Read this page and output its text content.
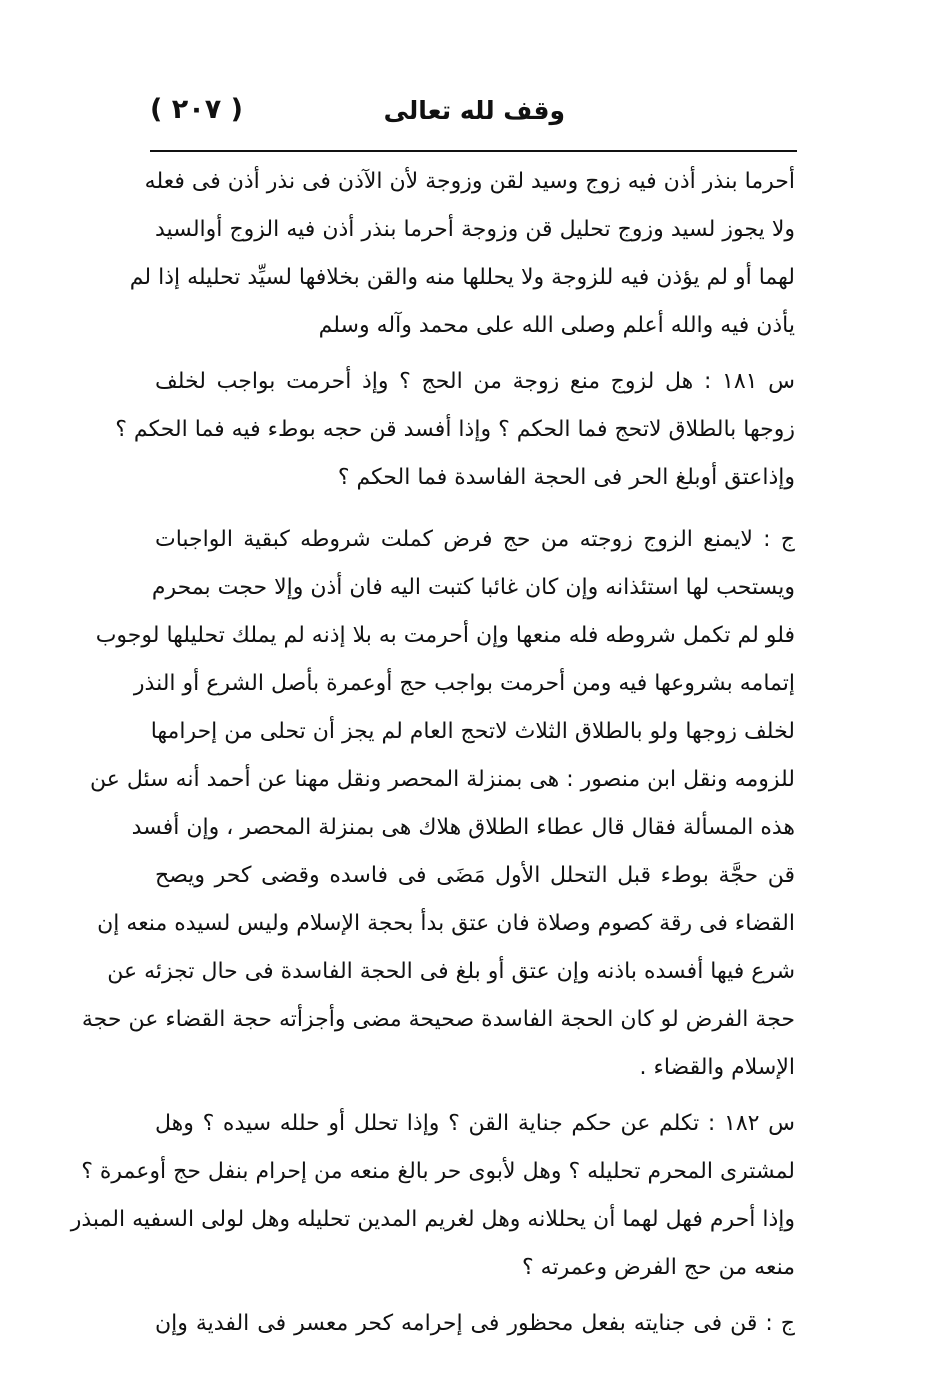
وقف لله تعالى
( ۲۰۷ )
أحرما بنذر أذن فيه زوج وسيد لقن وزوجة لأن الآذن فى نذر أذن فى فعله
ولا يجوز لسيد وزوج تحليل قن وزوجة أحرما بنذر أذن فيه الزوج أوالسيد
لهما أو لم يؤذن فيه للزوجة ولا يحللها منه والقن بخلافها لسيِّد تحليله إذا لم
يأذن فيه والله أعلم وصلى الله على محمد وآله وسلم
س ۱۸۱ : هل لزوج منع زوجة من الحج ؟ وإذ أحرمت بواجب لخلف
زوجها بالطلاق لاتحج فما الحكم ؟ وإذا أفسد قن حجه بوطء فيه فما الحكم ؟
وإذاعتق أوبلغ الحر فى الحجة الفاسدة فما الحكم ؟
ج : لايمنع الزوج زوجته من حج فرض كملت شروطه كبقية الواجبات
ويستحب لها استئذانه وإن كان غائبا كتبت اليه فان أذن وإلا حجت بمحرم
فلو لم تكمل شروطه فله منعها وإن أحرمت به بلا إذنه لم يملك تحليلها لوجوب
إتمامه بشروعها فيه ومن أحرمت بواجب حج أوعمرة بأصل الشرع أو النذر
لخلف زوجها ولو بالطلاق الثلاث لاتحج العام لم يجز أن تحلى من إحرامها
للزومه ونقل ابن منصور : هى بمنزلة المحصر ونقل مهنا عن أحمد أنه سئل عن
هذه المسألة فقال قال عطاء الطلاق هلاك هى بمنزلة المحصر ، وإن أفسد
قن حجَّة بوطء قبل التحلل الأول مَضَى فى فاسده وقضى كحر ويصح
القضاء فى رقة كصوم وصلاة فان عتق بدأ بحجة الإسلام وليس لسيده منعه إن
شرع فيها أفسده باذنه وإن عتق أو بلغ فى الحجة الفاسدة فى حال تجزئه عن
حجة الفرض لو كان الحجة الفاسدة صحيحة مضى وأجزأته حجة القضاء عن حجة
الإسلام والقضاء .
س ۱۸۲ : تكلم عن حكم جناية القن ؟ وإذا تحلل أو حلله سيده ؟ وهل
لمشترى المحرم تحليله ؟ وهل لأبوى حر بالغ منعه من إحرام بنفل حج أوعمرة ؟
وإذا أحرم فهل لهما أن يحللانه وهل لغريم المدين تحليله وهل لولى السفيه المبذر
منعه من حج الفرض وعمرته ؟
ج : قن فى جنايته بفعل محظور فى إحرامه كحر معسر فى الفدية وإن
